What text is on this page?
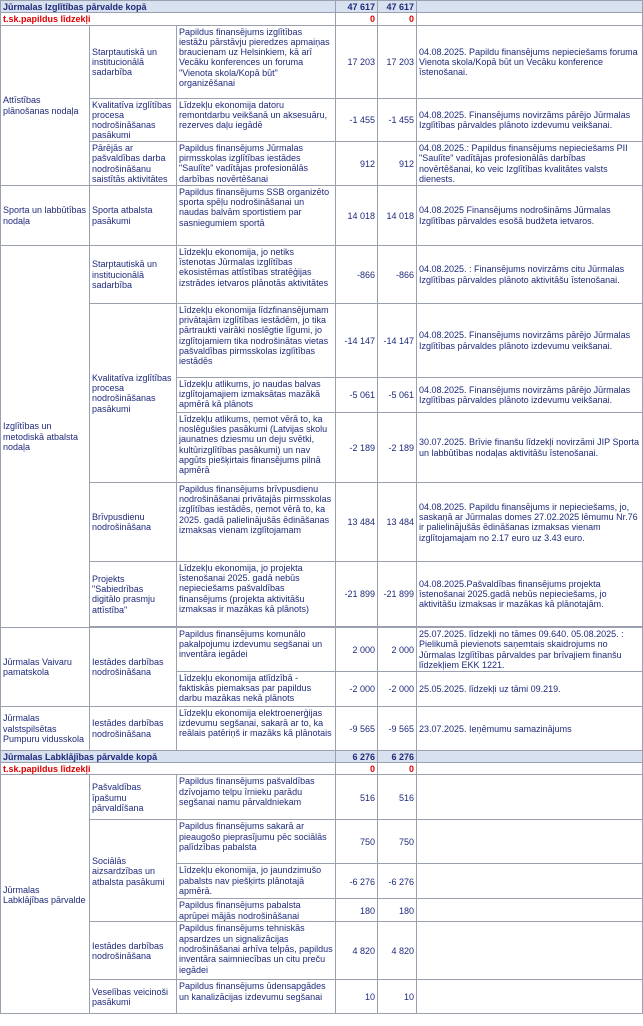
Jūrmalas Izglītības pārvalde kopā			47 617	47 617	
t.sk.papildus līdzekļi			0	0	
Attīstības plānošanas nodaļa	Starptautiskā un institucionālā sadarbība	Papildus finansējums izglītības iestāžu pārstāvju pieredzes apmaiņas braucienam uz Helsinkiem, kā arī Vecāku konferences un foruma "Vienota skola/Kopā būt" organizēšanai	17 203	17 203	04.08.2025. Papildu finansējums nepieciešams foruma Vienota skola/Kopā būt un Vecāku konference īstenošanai.
	Kvalitatīva izglītības procesa nodrošināšanas pasākumi	Līdzekļu ekonomija datoru remontdarbu veikšanā un aksesuāru, rezerves daļu iegādē	-1 455	-1 455	04.08.2025. Finansējums novirzāms pārējo Jūrmalas Izglītības pārvaldes plānoto izdevumu veikšanai.
	Pārējās ar pašvaldības darba nodrošināšanu saistītās aktivitātes	Papildus finansējums Jūrmalas pirmsskolas izglītības iestādes "Saulīte" vadītājas profesionālās darbības novērtēšanai	912	912	04.08.2025.: Papildus finansējums nepieciešams PII "Saulīte" vadītājas profesionālās darbības novērtēšanai, ko veic Izglītības kvalitātes valsts dienests.
Sporta un labbūtības nodaļa	Sporta atbalsta pasākumi	Papildus finansējums SSB organizēto sporta spēļu nodrošināšanai un naudas balvām sportistiem par sasniegumiem sportā	14 018	14 018	04.08.2025 Finansējums nodrošināms Jūrmalas Izglītības pārvaldes esošā budžeta ietvaros.
Izglītības un metodiskā atbalsta nodaļa	Starptautiskā un institucionālā sadarbība	Līdzekļu ekonomija, jo netiks īstenotas Jūrmalas izglītības ekosistēmas attīstības stratēģijas izstrādes ietvaros plānotās aktivitātes	-866	-866	04.08.2025. : Finansējums novirzāms citu Jūrmalas Izglītības pārvaldes plānoto aktivitāšu īstenošanai.
	Kvalitatīva izglītības procesa nodrošināšanas pasākumi	Līdzekļu ekonomija līdzfinansējumam privātajām izglītības iestādēm, jo tika pārtraukti vairāki noslēgtie līgumi, jo izglītojamiem tika nodrošinātas vietas pašvaldības pirmsskolas izglītības iestādēs	-14 147	-14 147	04.08.2025. Finansējums novirzāms pārējo Jūrmalas Izglītības pārvaldes plānoto izdevumu veikšanai.
		Līdzekļu atlikums, jo naudas balvas izglītojamajiem izmaksātas mazākā apmērā kā plānots	-5 061	-5 061	04.08.2025. Finansējums novirzāms pārējo Jūrmalas Izglītības pārvaldes plānoto izdevumu veikšanai.
		Līdzekļu atlikums, ņemot vērā to, ka noslēgušies pasākumi (Latvijas skolu jaunatnes dziesmu un deju svētki, kultūrizglītības pasākumi) un nav apgūts piešķirtais finansējums pilnā apmērā	-2 189	-2 189	30.07.2025. Brīvie finanšu līdzekļi novirzāmi JIP Sporta un labbūtības nodaļas aktivitāšu īstenošanai.
	Brīvpusdienu nodrošināšana	Papildus finansējums brīvpusdienu nodrošināšanai privātajās pirmsskolas izglītības iestādēs, ņemot vērā to, ka 2025. gadā palielinājušās ēdināšanas izmaksas vienam izglītojamam	13 484	13 484	04.08.2025. Papildu finansējums ir nepieciešams, jo, saskaņā ar Jūrmalas domes 27.02.2025 lēmumu Nr.76 ir palielinājušās ēdināšanas izmaksas vienam izglītojamajam no 2.17 euro uz 3.43 euro.
	Projekts "Sabiedrības digitālo prasmju attīstība"	Līdzekļu ekonomija, jo projekta īstenošanai 2025. gadā nebūs nepieciešams pašvaldības finansējums (projekta aktivitāšu izmaksas ir mazākas kā plānots)	-21 899	-21 899	04.08.2025.Pašvaldības finansējums projekta īstenošanai 2025.gadā nebūs nepieciešams, jo aktivitāšu izmaksas ir mazākas kā plānotajām.

Jūrmalas Vaivaru pamatskola	Iestādes darbības nodrošināšana	Papildus finansējums komunālo pakalpojumu izdevumu segšanai un inventāra iegādei	2 000	2 000	25.07.2025. līdzekļi no tāmes 09.640. 05.08.2025. : Pielikumā pievienots saņemtais skaidrojums no Jūrmalas Izglītības pārvaldes par brīvajiem finanšu līdzekļiem EKK 1221.
		Līdzekļu ekonomija atlīdzībā - faktiskās piemaksas par papildus darbu mazākas nekā plānots	-2 000	-2 000	25.05.2025. līdzekļi uz tāmi 09.219.
Jūrmalas valstspilsētas Pumpuru vidusskola	Iestādes darbības nodrošināšana	Līdzekļu ekonomija elektroenerģijas izdevumu segšanai, sakarā ar to, ka reālais patēriņš ir mazāks kā plānotais	-9 565	-9 565	23.07.2025. Ieņēmumu samazinājums
Jūrmalas Labklājības pārvalde kopā			6 276	6 276	
t.sk.papildus līdzekļi			0	0	
Jūrmalas Labklājības pārvalde	Pašvaldības īpašumu pārvaldīšana	Papildus finansējums pašvaldības dzīvojamo telpu īrnieku parādu segšanai namu pārvaldniekam	516	516	
	Sociālās aizsardzības un atbalsta pasākumi	Papildus finansējums sakarā ar pieaugošo pieprasījumu pēc sociālās palīdzības pabalsta	750	750	
		Līdzekļu ekonomija, jo jaundzimušo pabalsts nav piešķirts plānotajā apmērā.	-6 276	-6 276	
		Papildus finansējums pabalsta aprūpei mājās nodrošināšanai	180	180	
	Iestādes darbības nodrošināšana	Papildus finansējums tehniskās apsardzes un signalizācijas nodrošināšanai arhīva telpās, papildus inventāra saimniecības un citu preču iegādei	4 820	4 820	
	Veselības veicinoši pasākumi	Papildus finansējums ūdensapgādes un kanalizācijas izdevumu segšanai	10	10	
